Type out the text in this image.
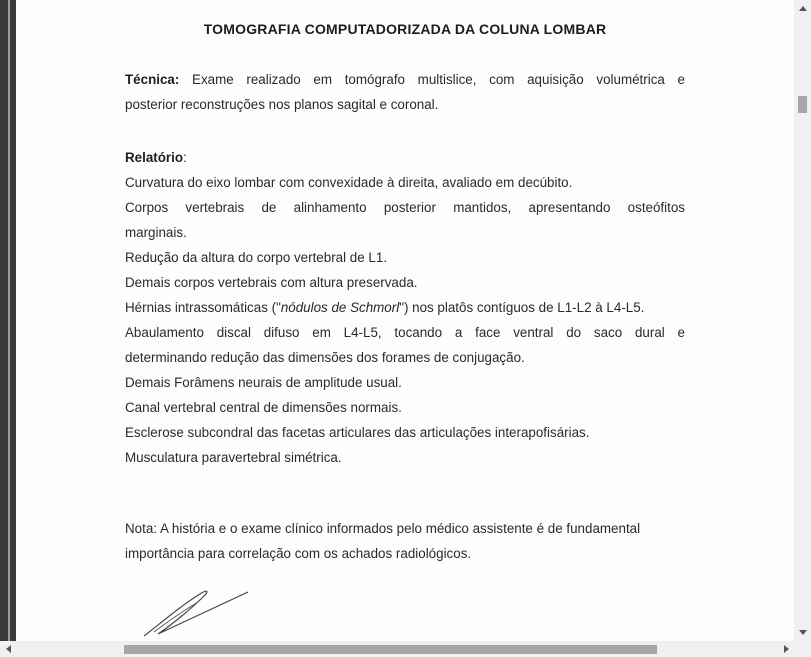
TOMOGRAFIA COMPUTADORIZADA DA COLUNA LOMBAR
Técnica: Exame realizado em tomógrafo multislice, com aquisição volumétrica e
posterior reconstruções nos planos sagital e coronal.
Relatório:
Curvatura do eixo lombar com convexidade à direita, avaliado em decúbito.
Corpos vertebrais de alinhamento posterior mantidos, apresentando osteófitos
marginais.
Redução da altura do corpo vertebral de L1.
Demais corpos vertebrais com altura preservada.
Hérnias intrassomáticas ("nódulos de Schmorl") nos platôs contíguos de L1-L2 à L4-L5.
Abaulamento discal difuso em L4-L5, tocando a face ventral do saco dural e
determinando redução das dimensões dos forames de conjugação.
Demais Forâmens neurais de amplitude usual.
Canal vertebral central de dimensões normais.
Esclerose subcondral das facetas articulares das articulações interapofisárias.
Musculatura paravertebral simétrica.
Nota: A história e o exame clínico informados pelo médico assistente é de fundamental
importância para correlação com os achados radiológicos.
